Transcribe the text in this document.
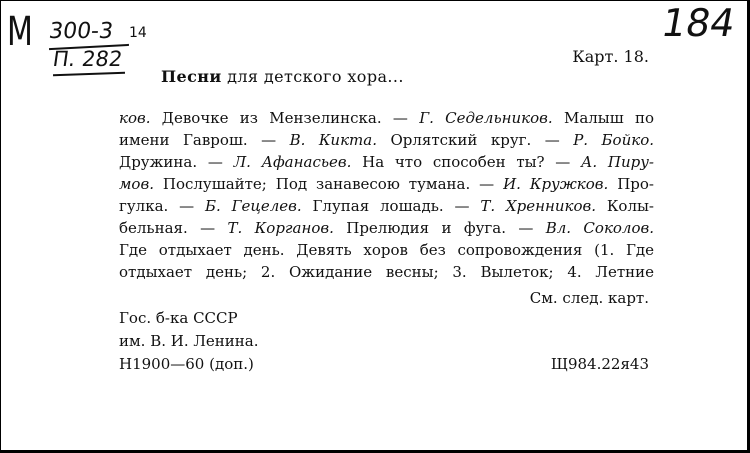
М 300-3 14
П. 282
184
Карт. 18.
Песни для детского хора...
ков. Девочке из Мензелинска. — Г. Седельников. Малыш по
имени Гаврош. — В. Кикта. Орлятский круг. — Р. Бойко.
Дружина. — Л. Афанасьев. На что способен ты? — А. Пиру-
мов. Послушайте; Под занавесою тумана. — И. Кружков. Про-
гулка. — Б. Гецелев. Глупая лошадь. — Т. Хренников. Колы-
бельная. — Т. Корганов. Прелюдия и фуга. — Вл. Соколов.
Где отдыхает день. Девять хоров без сопровождения (1. Где
отдыхает день; 2. Ожидание весны; 3. Вылеток; 4. Летние
См. след. карт.
Гос. б-ка СССР
им. В. И. Ленина.
Н1900—60 (доп.)	Щ984.22я43
